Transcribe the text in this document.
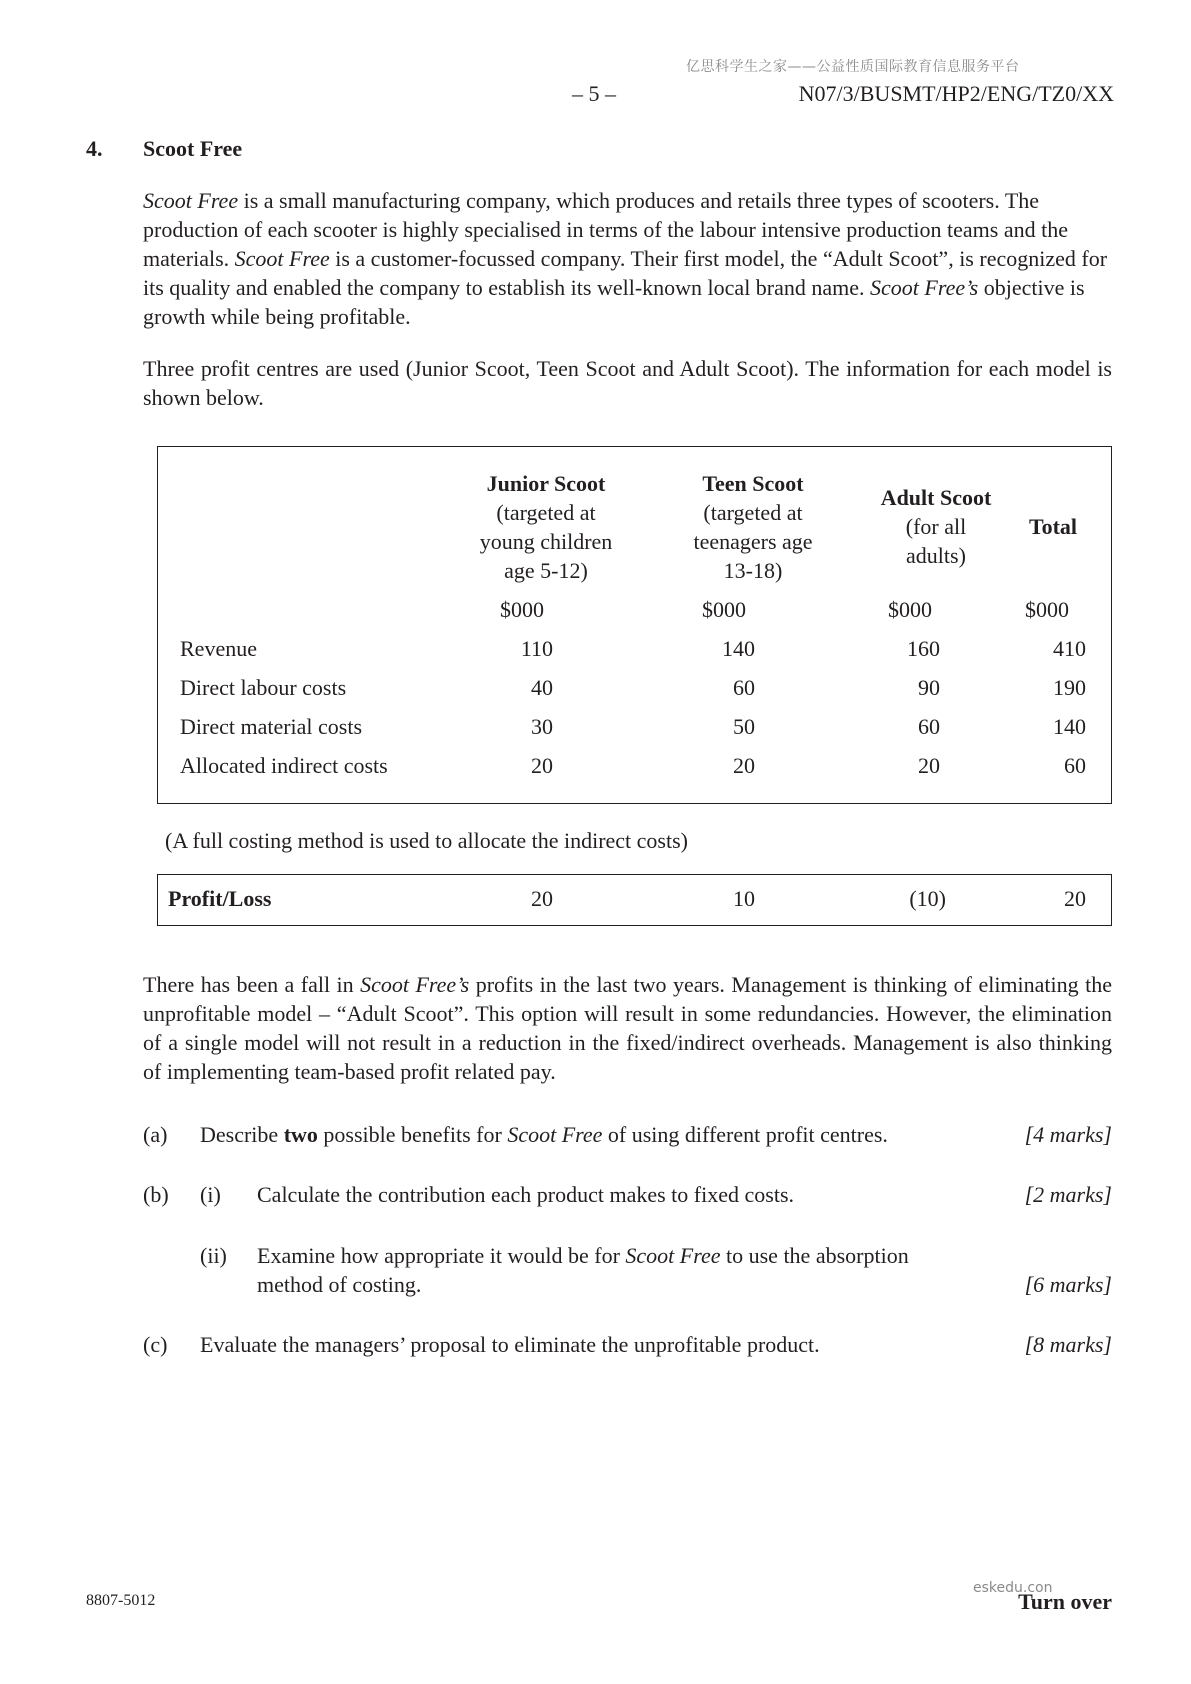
亿思科学生之家——公益性质国际教育信息服务平台
– 5 –	N07/3/BUSMT/HP2/ENG/TZ0/XX
4. Scoot Free

Scoot Free is a small manufacturing company, which produces and retails three types of scooters. The production of each scooter is highly specialised in terms of the labour intensive production teams and the materials. Scoot Free is a customer-focussed company. Their first model, the “Adult Scoot”, is recognized for its quality and enabled the company to establish its well-known local brand name. Scoot Free’s objective is growth while being profitable.

Three profit centres are used (Junior Scoot, Teen Scoot and Adult Scoot). The information for each model is shown below.

Junior Scoot
(targeted at
young children
age 5-12)
Teen Scoot
(targeted at
teenagers age
13-18)
Adult Scoot
(for all
adults)
Total
$000	$000	$000	$000
Revenue	110	140	160	410
Direct labour costs	40	60	90	190
Direct material costs	30	50	60	140
Allocated indirect costs	20	20	20	60
(A full costing method is used to allocate the indirect costs)
Profit/Loss	20	10	(10)	20

There has been a fall in Scoot Free’s profits in the last two years. Management is thinking of eliminating the unprofitable model – “Adult Scoot”. This option will result in some redundancies. However, the elimination of a single model will not result in a reduction in the fixed/indirect overheads. Management is also thinking of implementing team-based profit related pay.

(a) Describe two possible benefits for Scoot Free of using different profit centres.	[4 marks]
(b) (i) Calculate the contribution each product makes to fixed costs.	[2 marks]
(ii) Examine how appropriate it would be for Scoot Free to use the absorption
method of costing.	[6 marks]
(c) Evaluate the managers’ proposal to eliminate the unprofitable product.	[8 marks]
8807-5012
eskedu.con
Turn over
